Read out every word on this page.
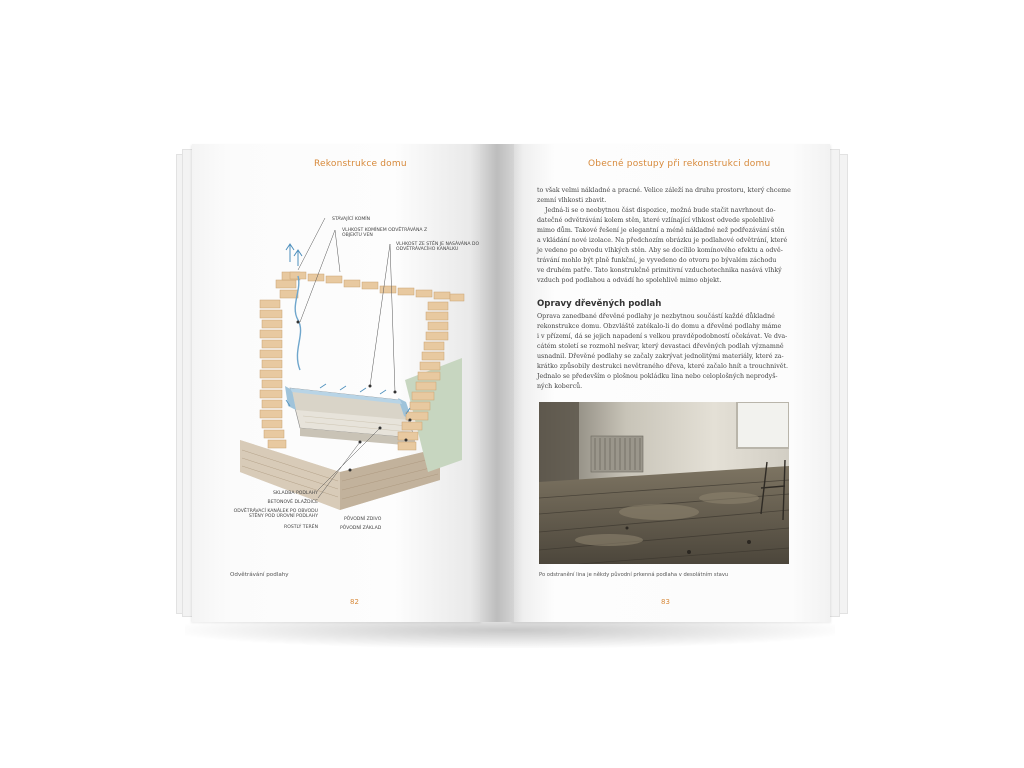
Rekonstrukce domu
STÁVAJÍCÍ KOMÍN
VLHKOST KOMÍNEM ODVĚTRÁVÁNA Z
OBJEKTU VEN
VLHKOST ZE STĚN JE NASÁVÁNA DO
ODVĚTRÁVACÍHO KANÁLKU
SKLADBA PODLAHY
BETONOVÉ DLAŽDICE
ODVĚTRÁVACÍ KANÁLEK PO OBVODU
STĚNY POD ÚROVNÍ PODLAHY
ROSTLÝ TERÉN
PŮVODNÍ ZDIVO
PŮVODNÍ ZÁKLAD
Odvětrávání podlahy
82
Obecné postupy při rekonstrukci domu

to však velmi nákladné a pracné. Velice záleží na druhu prostoru, který chceme
zemní vlhkosti zbavit.

Jedná-li se o neobytnou část dispozice, možná bude stačit navrhnout do-
datečné odvětrávání kolem stěn, které vzlínající vlhkost odvede spolehlivě
mimo dům. Takové řešení je elegantní a méně nákladné než podřezávání stěn
a vkládání nové izolace. Na předchozím obrázku je podlahové odvětrání, které
je vedeno po obvodu vlhkých stěn. Aby se docílilo komínového efektu a odvě-
trávání mohlo být plně funkční, je vyvedeno do otvoru po bývalém záchodu
ve druhém patře. Tato konstrukčně primitivní vzduchotechnika nasává vlhký
vzduch pod podlahou a odvádí ho spolehlivě mimo objekt.

Opravy dřevěných podlah

Oprava zanedbané dřevěné podlahy je nezbytnou součástí každé důkladné
rekonstrukce domu. Obzvláště zatékalo-li do domu a dřevěné podlahy máme
i v přízemí, dá se jejich napadení s velkou pravděpodobností očekávat. Ve dva-
cátém století se rozmohl nešvar, který devastaci dřevěných podlah významně
usnadnil. Dřevěné podlahy se začaly zakrývat jednolitými materiály, které za-
krátko způsobily destrukci nevětraného dřeva, které začalo hnít a trouchnivět.
Jednalo se především o plošnou pokládku lina nebo celoplošných neprodyš-
ných koberců.

Po odstranění lina je někdy původní prkenná podlaha v desolátním stavu
83
